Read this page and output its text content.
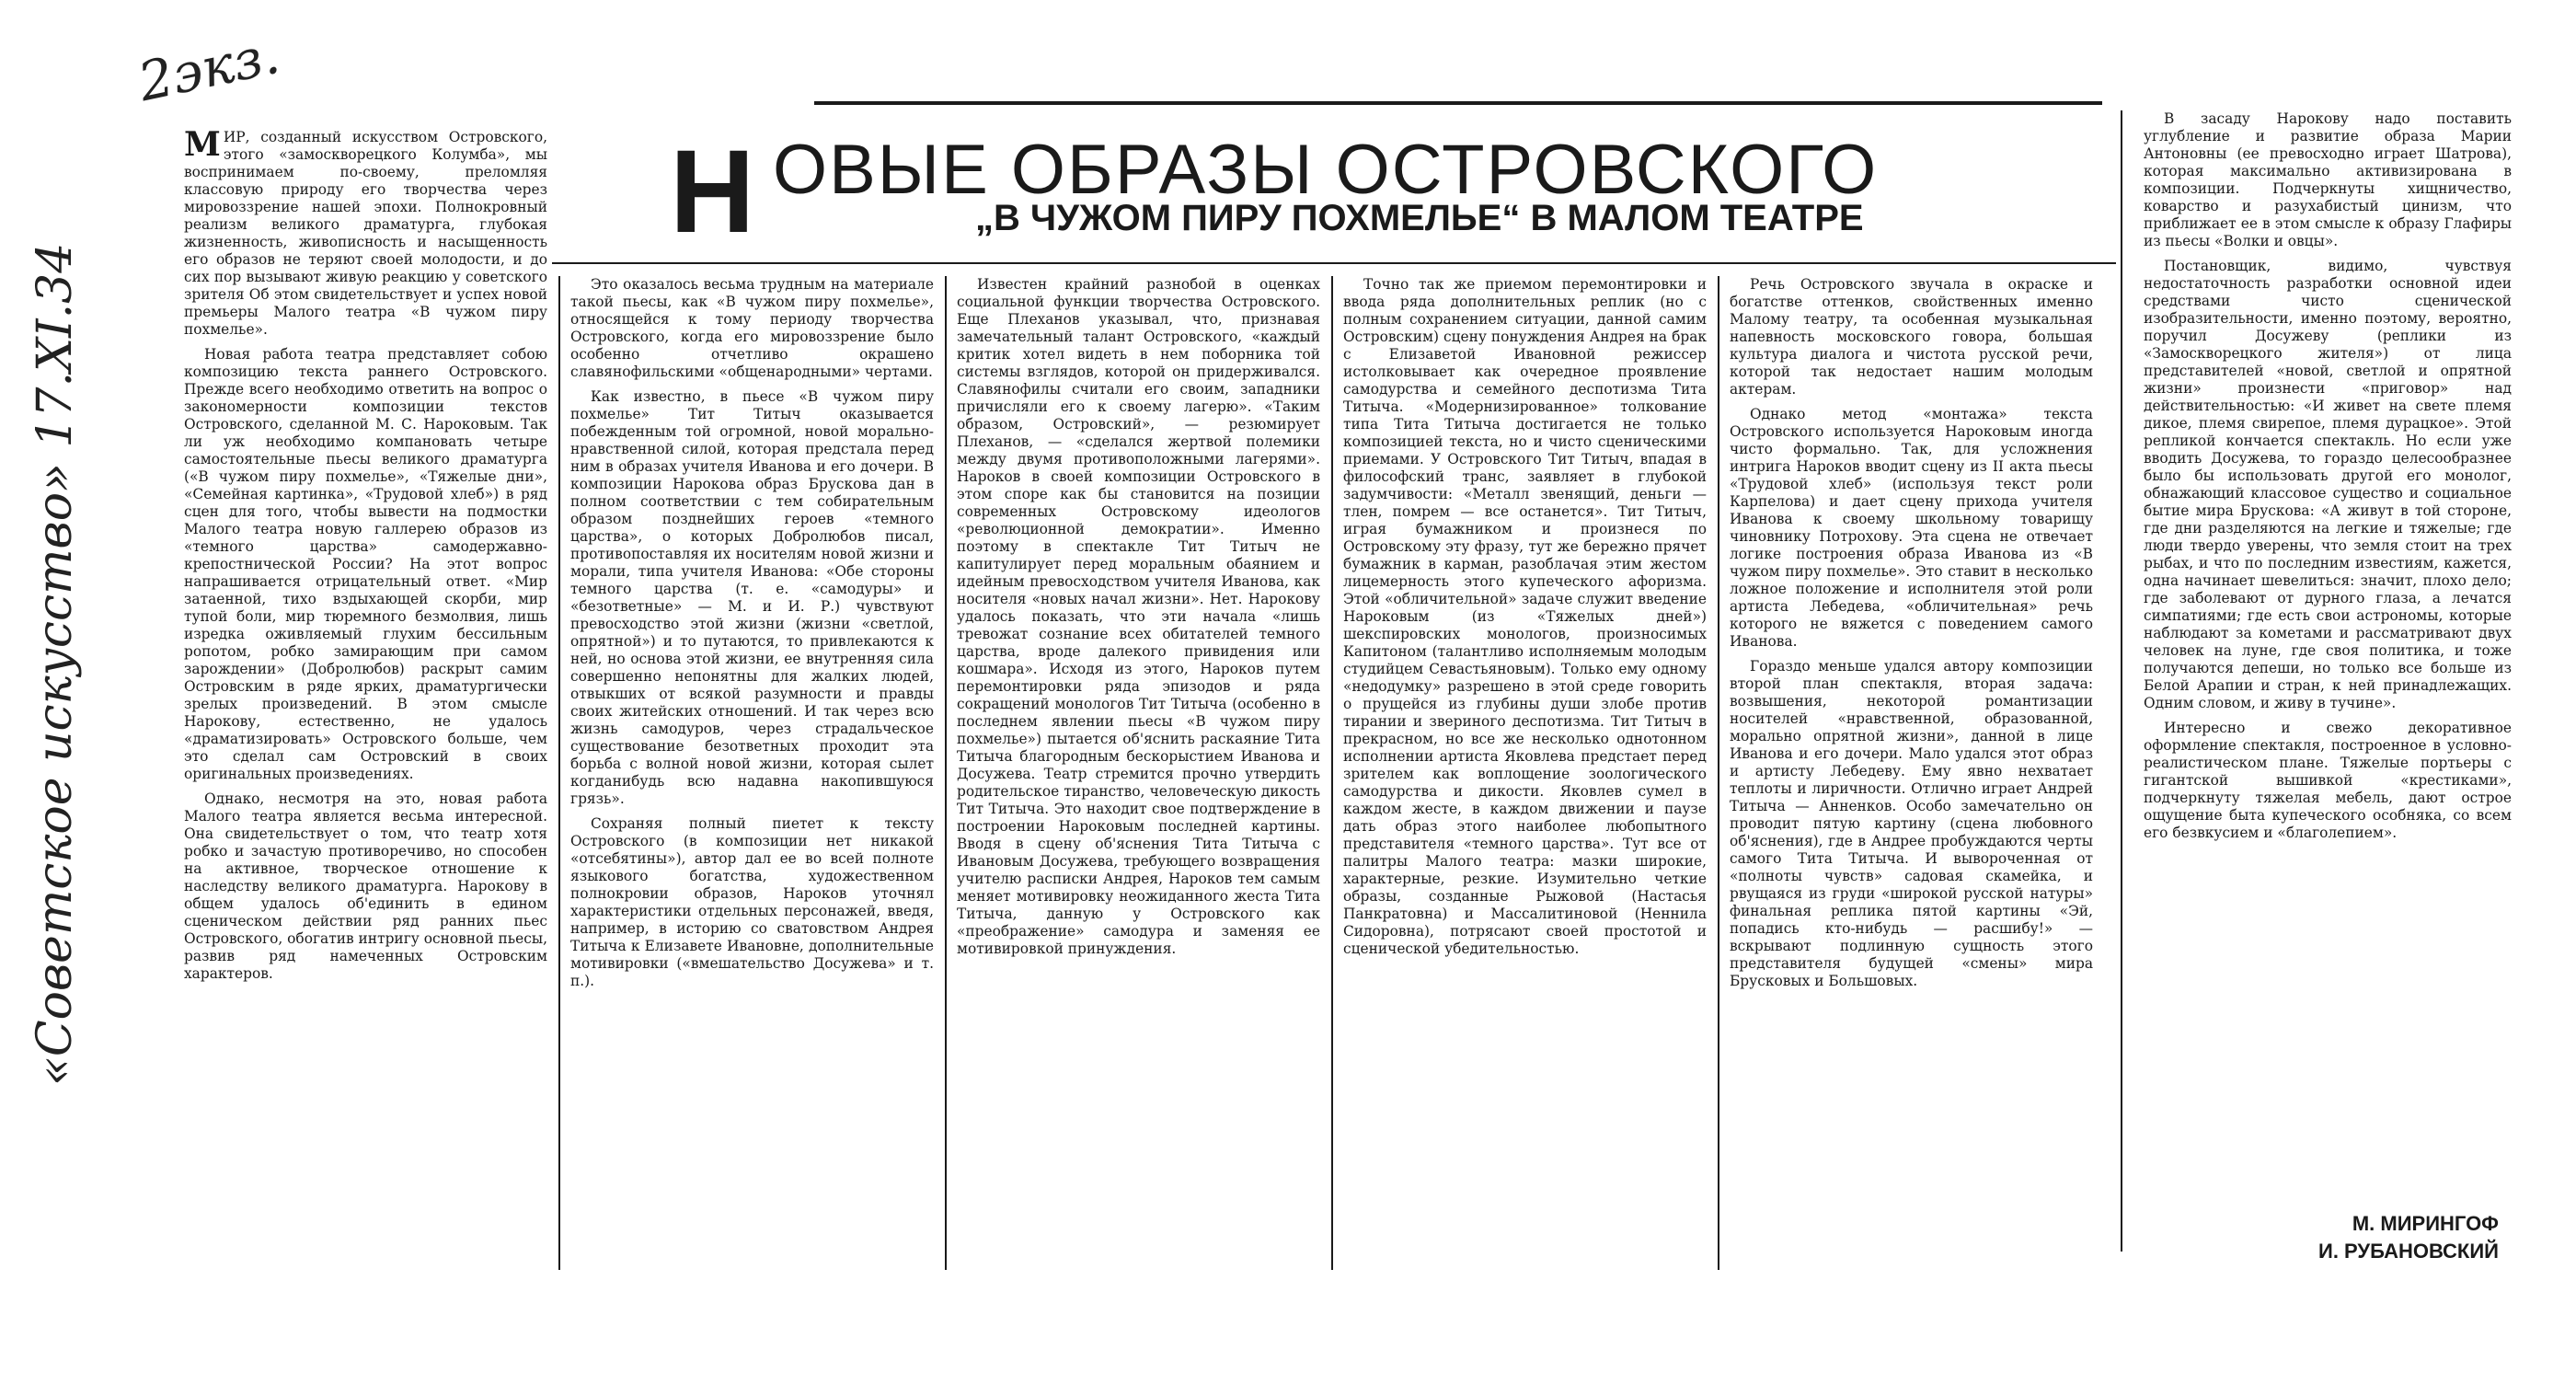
2экз.
«Советское искусство» 17.XI.34
Н ОВЫЕ ОБРАЗЫ ОСТРОВСКОГО
„В ЧУЖОМ ПИРУ ПОХМЕЛЬЕ“ В МАЛОМ ТЕАТРЕ

МИР, созданный искусством Островского, этого «замоскворецкого Колумба», мы воспринимаем по-своему, преломляя классовую природу его творчества через мировоззрение нашей эпохи. Полнокровный реализм великого драматурга, глубокая жизненность, живописность и насыщенность его образов не теряют своей молодости, и до сих пор вызывают живую реакцию у советского зрителя Об этом свидетельствует и успех новой премьеры Малого театра «В чужом пиру похмелье».

Новая работа театра представляет собою композицию текста раннего Островского. Прежде всего необходимо ответить на вопрос о закономерности композиции текстов Островского, сделанной М. С. Нароковым. Так ли уж необходимо компановать четыре самостоятельные пьесы великого драматурга («В чужом пиру похмелье», «Тяжелые дни», «Семейная картинка», «Трудовой хлеб») в ряд сцен для того, чтобы вывести на подмостки Малого театра новую галлерею образов из «темного царства» самодержавно-крепостнической России? На этот вопрос напрашивается отрицательный ответ. «Мир затаенной, тихо вздыхающей скорби, мир тупой боли, мир тюремного безмолвия, лишь изредка оживляемый глухим бессильным ропотом, робко замирающим при самом зарождении» (Добролюбов) раскрыт самим Островским в ряде ярких, драматургически зрелых произведений. В этом смысле Нарокову, естественно, не удалось «драматизировать» Островского больше, чем это сделал сам Островский в своих оригинальных произведениях.

Однако, несмотря на это, новая работа Малого театра является весьма интересной. Она свидетельствует о том, что театр хотя робко и зачастую противоречиво, но способен на активное, творческое отношение к наследству великого драматурга. Нарокову в общем удалось об'единить в едином сценическом действии ряд ранних пьес Островского, обогатив интригу основной пьесы, развив ряд намеченных Островским характеров.

Это оказалось весьма трудным на материале такой пьесы, как «В чужом пиру похмелье», относящейся к тому периоду творчества Островского, когда его мировоззрение было особенно отчетливо окрашено славянофильскими «общенародными» чертами.

Как известно, в пьесе «В чужом пиру похмелье» Тит Титыч оказывается побежденным той огромной, новой морально-нравственной силой, которая предстала перед ним в образах учителя Иванова и его дочери. В композиции Нарокова образ Брускова дан в полном соответствии с тем собирательным образом позднейших героев «темного царства», о которых Добролюбов писал, противопоставляя их носителям новой жизни и морали, типа учителя Иванова: «Обе стороны темного царства (т. е. «самодуры» и «безответные» — М. и И. Р.) чувствуют превосходство этой жизни (жизни «светлой, опрятной») и то путаются, то привлекаются к ней, но основа этой жизни, ее внутренняя сила совершенно непонятны для жалких людей, отвыкших от всякой разумности и правды своих житейских отношений. И так через всю жизнь самодуров, через страдальческое существование безответных проходит эта борьба с волной новой жизни, которая сылет когданибудь всю надавна накопившуюся грязь».

Сохраняя полный пиетет к тексту Островского (в композиции нет никакой «отсебятины»), автор дал ее во всей полноте языкового богатства, художественном полнокровии образов, Нароков уточнял характеристики отдельных персонажей, введя, например, в историю со сватовством Андрея Титыча к Елизавете Ивановне, дополнительные мотивировки («вмешательство Досужева» и т. п.).

Известен крайний разнобой в оценках социальной функции творчества Островского. Еще Плеханов указывал, что, признавая замечательный талант Островского, «каждый критик хотел видеть в нем поборника той системы взглядов, которой он придерживался. Славянофилы считали его своим, западники причисляли его к своему лагерю». «Таким образом, Островский», — резюмирует Плеханов, — «сделался жертвой полемики между двумя противоположными лагерями». Нароков в своей композиции Островского в этом споре как бы становится на позиции современных Островскому идеологов «революционной демократии». Именно поэтому в спектакле Тит Титыч не капитулирует перед моральным обаянием и идейным превосходством учителя Иванова, как носителя «новых начал жизни». Нет. Нарокову удалось показать, что эти начала «лишь тревожат сознание всех обитателей темного царства, вроде далекого привидения или кошмара». Исходя из этого, Нароков путем перемонтировки ряда эпизодов и ряда сокращений монологов Тит Титыча (особенно в последнем явлении пьесы «В чужом пиру похмелье») пытается об'яснить раскаяние Тита Титыча благородным бескорыстием Иванова и Досужева. Театр стремится прочно утвердить родительское тиранство, человеческую дикость Тит Титыча. Это находит свое подтверждение в построении Нароковым последней картины. Вводя в сцену об'яснения Тита Титыча с Ивановым Досужева, требующего возвращения учителю расписки Андрея, Нароков тем самым меняет мотивировку неожиданного жеста Тита Титыча, данную у Островского как «преображение» самодура и заменяя ее мотивировкой принуждения.

Точно так же приемом перемонтировки и ввода ряда дополнительных реплик (но с полным сохранением ситуации, данной самим Островским) сцену понуждения Андрея на брак с Елизаветой Ивановной режиссер истолковывает как очередное проявление самодурства и семейного деспотизма Тита Титыча. «Модернизированное» толкование типа Тита Титыча достигается не только композицией текста, но и чисто сценическими приемами. У Островского Тит Титыч, впадая в философский транс, заявляет в глубокой задумчивости: «Металл звенящий, деньги — тлен, помрем — все останется». Тит Титыч, играя бумажником и произнеся по Островскому эту фразу, тут же бережно прячет бумажник в карман, разоблачая этим жестом лицемерность этого купеческого афоризма. Этой «обличительной» задаче служит введение Нароковым (из «Тяжелых дней») шекспировских монологов, произносимых Капитоном (талантливо исполняемым молодым студийцем Севастьяновым). Только ему одному «недодумку» разрешено в этой среде говорить о прущейся из глубины души злобе против тирании и звериного деспотизма. Тит Титыч в прекрасном, но все же несколько однотонном исполнении артиста Яковлева предстает перед зрителем как воплощение зоологического самодурства и дикости. Яковлев сумел в каждом жесте, в каждом движении и паузе дать образ этого наиболее любопытного представителя «темного царства». Тут все от палитры Малого театра: мазки широкие, характерные, резкие. Изумительно четкие образы, созданные Рыжовой (Настасья Панкратовна) и Массалитиновой (Неннила Сидоровна), потрясают своей простотой и сценической убедительностью.

Речь Островского звучала в окраске и богатстве оттенков, свойственных именно Малому театру, та особенная музыкальная напевность московского говора, большая культура диалога и чистота русской речи, которой так недостает нашим молодым актерам.

Однако метод «монтажа» текста Островского используется Нароковым иногда чисто формально. Так, для усложнения интрига Нароков вводит сцену из II акта пьесы «Трудовой хлеб» (используя текст роли Карпелова) и дает сцену прихода учителя Иванова к своему школьному товарищу чиновнику Потрохову. Эта сцена не отвечает логике построения образа Иванова из «В чужом пиру похмелье». Это ставит в несколько ложное положение и исполнителя этой роли артиста Лебедева, «обличительная» речь которого не вяжется с поведением самого Иванова.

Гораздо меньше удался автору композиции второй план спектакля, вторая задача: возвышения, некоторой романтизации носителей «нравственной, образованной, морально опрятной жизни», данной в лице Иванова и его дочери. Мало удался этот образ и артисту Лебедеву. Ему явно нехватает теплоты и лиричности. Отлично играет Андрей Титыча — Анненков. Особо замечательно он проводит пятую картину (сцена любовного об'яснения), где в Андрее пробуждаются черты самого Тита Титыча. И вывороченная от «полноты чувств» садовая скамейка, и рвущаяся из груди «широкой русской натуры» финальная реплика пятой картины «Эй, попадись кто-нибудь — расшибу!» — вскрывают подлинную сущность этого представителя будущей «смены» мира Брусковых и Большовых.

В засаду Нарокову надо поставить углубление и развитие образа Марии Антоновны (ее превосходно играет Шатрова), которая максимально активизирована в композиции. Подчеркнуты хищничество, коварство и разухабистый цинизм, что приближает ее в этом смысле к образу Глафиры из пьесы «Волки и овцы».

Постановщик, видимо, чувствуя недостаточность разработки основной идеи средствами чисто сценической изобразительности, именно поэтому, вероятно, поручил Досужеву (реплики из «Замоскворецкого жителя») от лица представителей «новой, светлой и опрятной жизни» произнести «приговор» над действительностью: «И живет на свете племя дикое, племя свирепое, племя дурацкое». Этой репликой кончается спектакль. Но если уже вводить Досужева, то гораздо целесообразнее было бы использовать другой его монолог, обнажающий классовое существо и социальное бытие мира Брускова: «А живут в той стороне, где дни разделяются на легкие и тяжелые; где люди твердо уверены, что земля стоит на трех рыбах, и что по последним известиям, кажется, одна начинает шевелиться: значит, плохо дело; где заболевают от дурного глаза, а лечатся симпатиями; где есть свои астрономы, которые наблюдают за кометами и рассматривают двух человек на луне, где своя политика, и тоже получаются депеши, но только все больше из Белой Арапии и стран, к ней принадлежащих. Одним словом, и живу в тучине».

Интересно и свежо декоративное оформление спектакля, построенное в условно-реалистическом плане. Тяжелые портьеры с гигантской вышивкой «крестиками», подчеркнуту тяжелая мебель, дают острое ощущение быта купеческого особняка, со всем его безвкусием и «благолепием».

М. МИРИНГОФ
И. РУБАНОВСКИЙ
